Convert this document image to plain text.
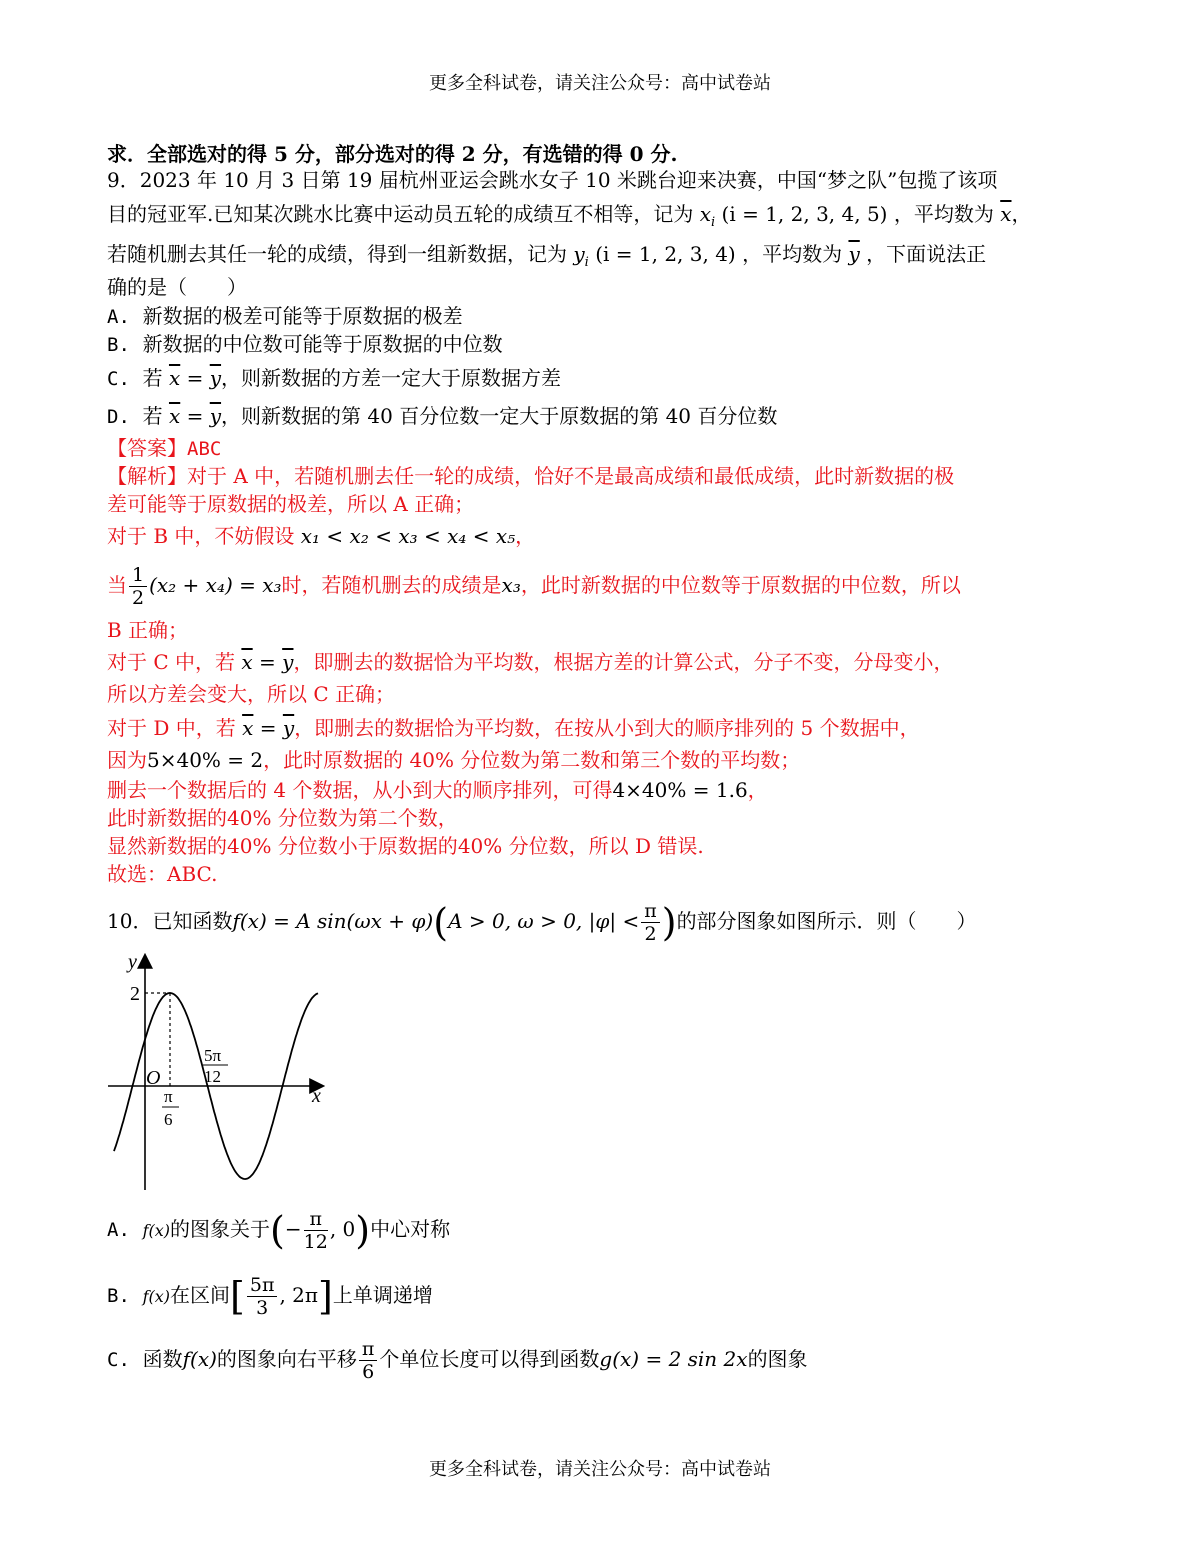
更多全科试卷，请关注公众号：高中试卷站
求．全部选对的得 5 分，部分选对的得 2 分，有选错的得 0 分.
9．2023 年 10 月 3 日第 19 届杭州亚运会跳水女子 10 米跳台迎来决赛，中国“梦之队”包揽了该项
目的冠亚军.已知某次跳水比赛中运动员五轮的成绩互不相等，记为 $x_i$ (i = 1, 2, 3, 4, 5) ，平均数为 $\overline{x}$，
若随机删去其任一轮的成绩，得到一组新数据，记为 $y_i$ (i = 1, 2, 3, 4) ，平均数为 $\overline{y}$ ，下面说法正
确的是（　　）
A. 新数据的极差可能等于原数据的极差
B. 新数据的中位数可能等于原数据的中位数
C. 若 $\overline{x} = \overline{y}$，则新数据的方差一定大于原数据方差
D. 若 $\overline{x} = \overline{y}$，则新数据的第 40 百分位数一定大于原数据的第 40 百分位数
【答案】ABC
【解析】对于 A 中，若随机删去任一轮的成绩，恰好不是最高成绩和最低成绩，此时新数据的极
差可能等于原数据的极差，所以 A 正确；
对于 B 中，不妨假设 x₁ < x₂ < x₃ < x₄ < x₅，
当 $\frac{1}{2} (x_2 + x_4) = x_3$时，若随机删去的成绩是x₃，此时新数据的中位数等于原数据的中位数，所以
B 正确；
对于 C 中，若 $\overline{x} = \overline{y}$，即删去的数据恰为平均数，根据方差的计算公式，分子不变，分母变小，
所以方差会变大，所以 C 正确；
对于 D 中，若 $\overline{x} = \overline{y}$，即删去的数据恰为平均数，在按从小到大的顺序排列的 5 个数据中，
因为5×40% = 2，此时原数据的 40% 分位数为第二数和第三个数的平均数；
删去一个数据后的 4 个数据，从小到大的顺序排列，可得4×40% = 1.6，
此时新数据的40% 分位数为第二个数，
显然新数据的40% 分位数小于原数据的40% 分位数，所以 D 错误.
故选：ABC.
10．已知函数f(x) = A sin(ωx + φ)(A > 0, ω > 0, $|\varphi| < \frac{\pi}{2}$ )的部分图象如图所示．则（　　）
y
x
O
2
π
6
5π
12
A. f(x)的图象关于(− $\frac{\pi}{12}$ , 0)中心对称
B. f(x)在区间[ $\frac{5\pi}{3}$ , 2π]上单调递增
C. 函数f(x)的图象向右平移 $\frac{\pi}{6}$ 个单位长度可以得到函数g(x) = 2 sin 2x的图象
更多全科试卷，请关注公众号：高中试卷站
